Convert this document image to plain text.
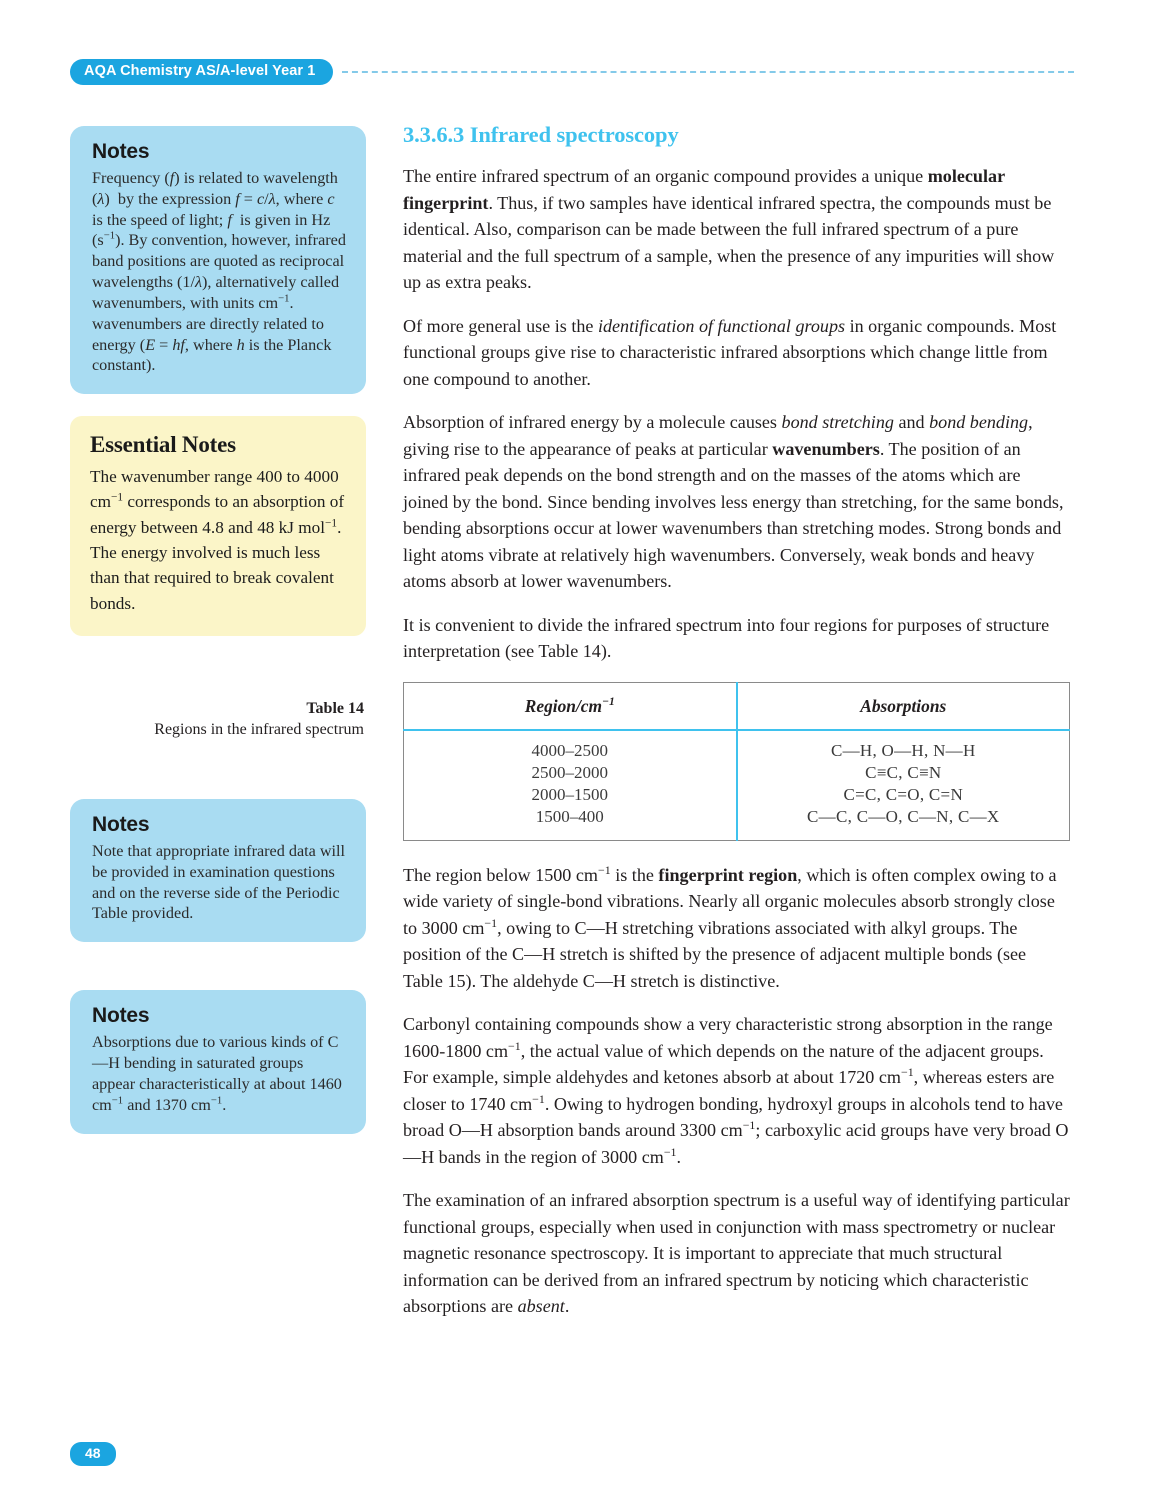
AQA Chemistry AS/A-level Year 1
Notes
Frequency (f) is related to wavelength (λ)  by the expression f = c/λ, where c is the speed of light; f  is given in Hz $(s^{-1})$. By convention, however, infrared band positions are quoted as reciprocal wavelengths (1/λ), alternatively called wavenumbers, with units $cm^{-1}$. wavenumbers are directly related to energy (E = hf, where h is the Planck  constant).
Essential Notes
The wavenumber range 400 to 4000 $cm^{-1}$ corresponds to an absorption of energy between 4.8 and 48 kJ mol$^{-1}$. The energy involved is much less than that required to break covalent bonds.
Table 14
Regions in the infrared spectrum
Notes
Note that appropriate infrared data will be provided in examination questions and on the reverse side of the Periodic Table provided.
Notes
Absorptions due to various kinds of C—H bending in saturated groups appear characteristically at about 1460 $cm^{-1}$ and 1370 $cm^{-1}$.
3.3.6.3 Infrared spectroscopy

The entire infrared spectrum of an organic compound provides a unique molecular fingerprint. Thus, if two samples have identical infrared spectra, the compounds must be identical. Also, comparison can be made between the full infrared spectrum of a pure material and the full spectrum of a sample, when the presence of any impurities will show up as extra peaks.

Of more general use is the identification of functional groups in organic compounds. Most functional groups give rise to characteristic infrared absorptions which change little from one compound to another.

Absorption of infrared energy by a molecule causes bond stretching and bond bending, giving rise to the appearance of peaks at particular wavenumbers. The position of an infrared peak depends on the bond strength and on the masses of the atoms which are joined by the bond. Since bending involves less energy than stretching, for the same bonds, bending absorptions occur at lower wavenumbers than stretching modes. Strong bonds and light atoms vibrate at relatively high wavenumbers. Conversely, weak bonds and heavy atoms absorb at lower wavenumbers.

It is convenient to divide the infrared spectrum into four regions for purposes of structure interpretation (see Table 14).

Region/$cm^{-1}$	Absorptions
4000–2500	C—H, O—H, N—H
2500–2000	C≡C, C≡N
2000–1500	C=C, C=O, C=N
1500–400	C—C, C—O, C—N, C—X

The region below 1500 $cm^{-1}$ is the fingerprint region, which is often complex owing to a wide variety of single-bond vibrations. Nearly all organic molecules absorb strongly close to 3000 $cm^{-1}$, owing to C—H stretching vibrations associated with alkyl groups. The position of the C—H stretch is shifted by the presence of adjacent multiple bonds (see Table 15). The aldehyde C—H stretch is distinctive.

Carbonyl containing compounds show a very characteristic strong absorption in the range 1600-1800 $cm^{-1}$, the actual value of which depends on the nature of the adjacent groups. For example, simple aldehydes and ketones absorb at about 1720 $cm^{-1}$, whereas esters are closer to 1740 $cm^{-1}$. Owing to hydrogen bonding, hydroxyl groups in alcohols tend to have broad O—H absorption bands around 3300 $cm^{-1}$; carboxylic acid groups have very broad O—H bands in the region of 3000 $cm^{-1}$.

The examination of an infrared absorption spectrum is a useful way of identifying particular functional groups, especially when used in conjunction with mass spectrometry or nuclear magnetic resonance spectroscopy. It is important to appreciate that much structural information can be derived from an infrared spectrum by noticing which characteristic absorptions are absent.

48
